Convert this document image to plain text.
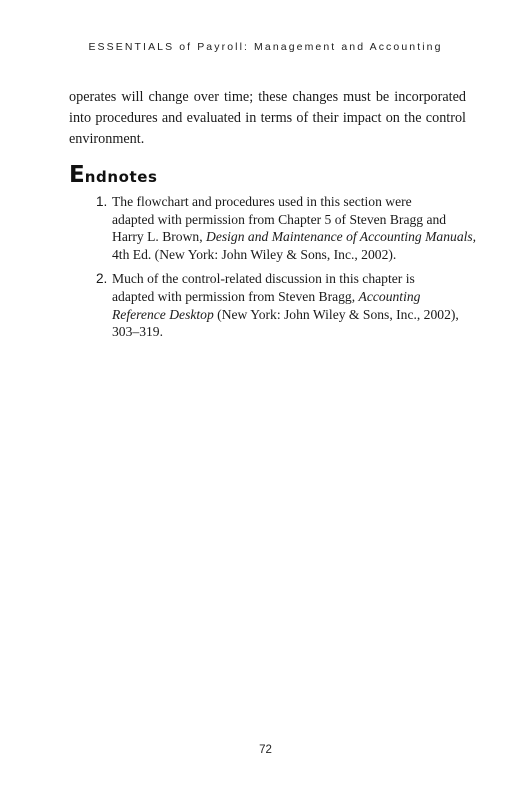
ESSENTIALS of Payroll: Management and Accounting

operates will change over time; these changes must be incorporated into procedures and evaluated in terms of their impact on the control environment.

Endnotes
1. The flowchart and procedures used in this section were
adapted with permission from Chapter 5 of Steven Bragg and
Harry L. Brown, Design and Maintenance of Accounting Manuals,
4th Ed. (New York: John Wiley & Sons, Inc., 2002).
2. Much of the control-related discussion in this chapter is
adapted with permission from Steven Bragg, Accounting
Reference Desktop (New York: John Wiley & Sons, Inc., 2002),
303–319.
72
